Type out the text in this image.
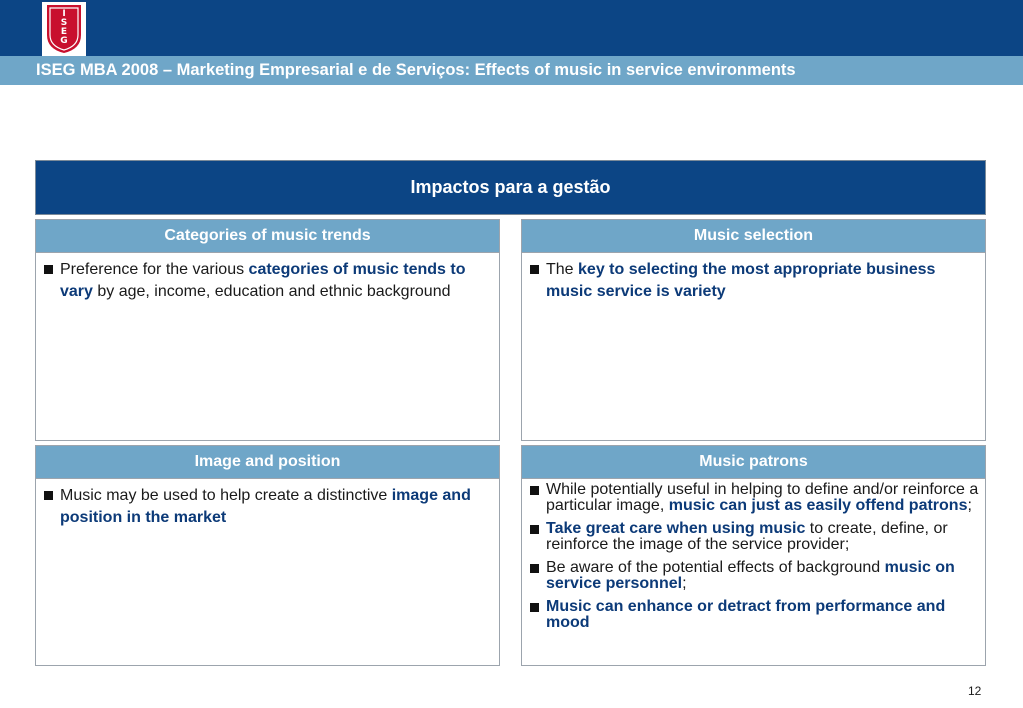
I
S
E
G
ISEG MBA 2008 – Marketing Empresarial e de Serviços: Effects of music in service environments
Impactos para a gestão
Categories of music trends
Preference for the various categories of music tends to vary by age, income, education and ethnic background
Music selection
The key to selecting the most appropriate business music service is variety
Image and position
Music may be used to help create a distinctive image and position in the market
Music patrons
While potentially useful in helping to define and/or reinforce a particular image, music can just as easily offend patrons;
Take great care when using music to create, define, or reinforce the image of the service provider;
Be aware of the potential effects of background music on service personnel;
Music can enhance or detract from performance and mood
12
